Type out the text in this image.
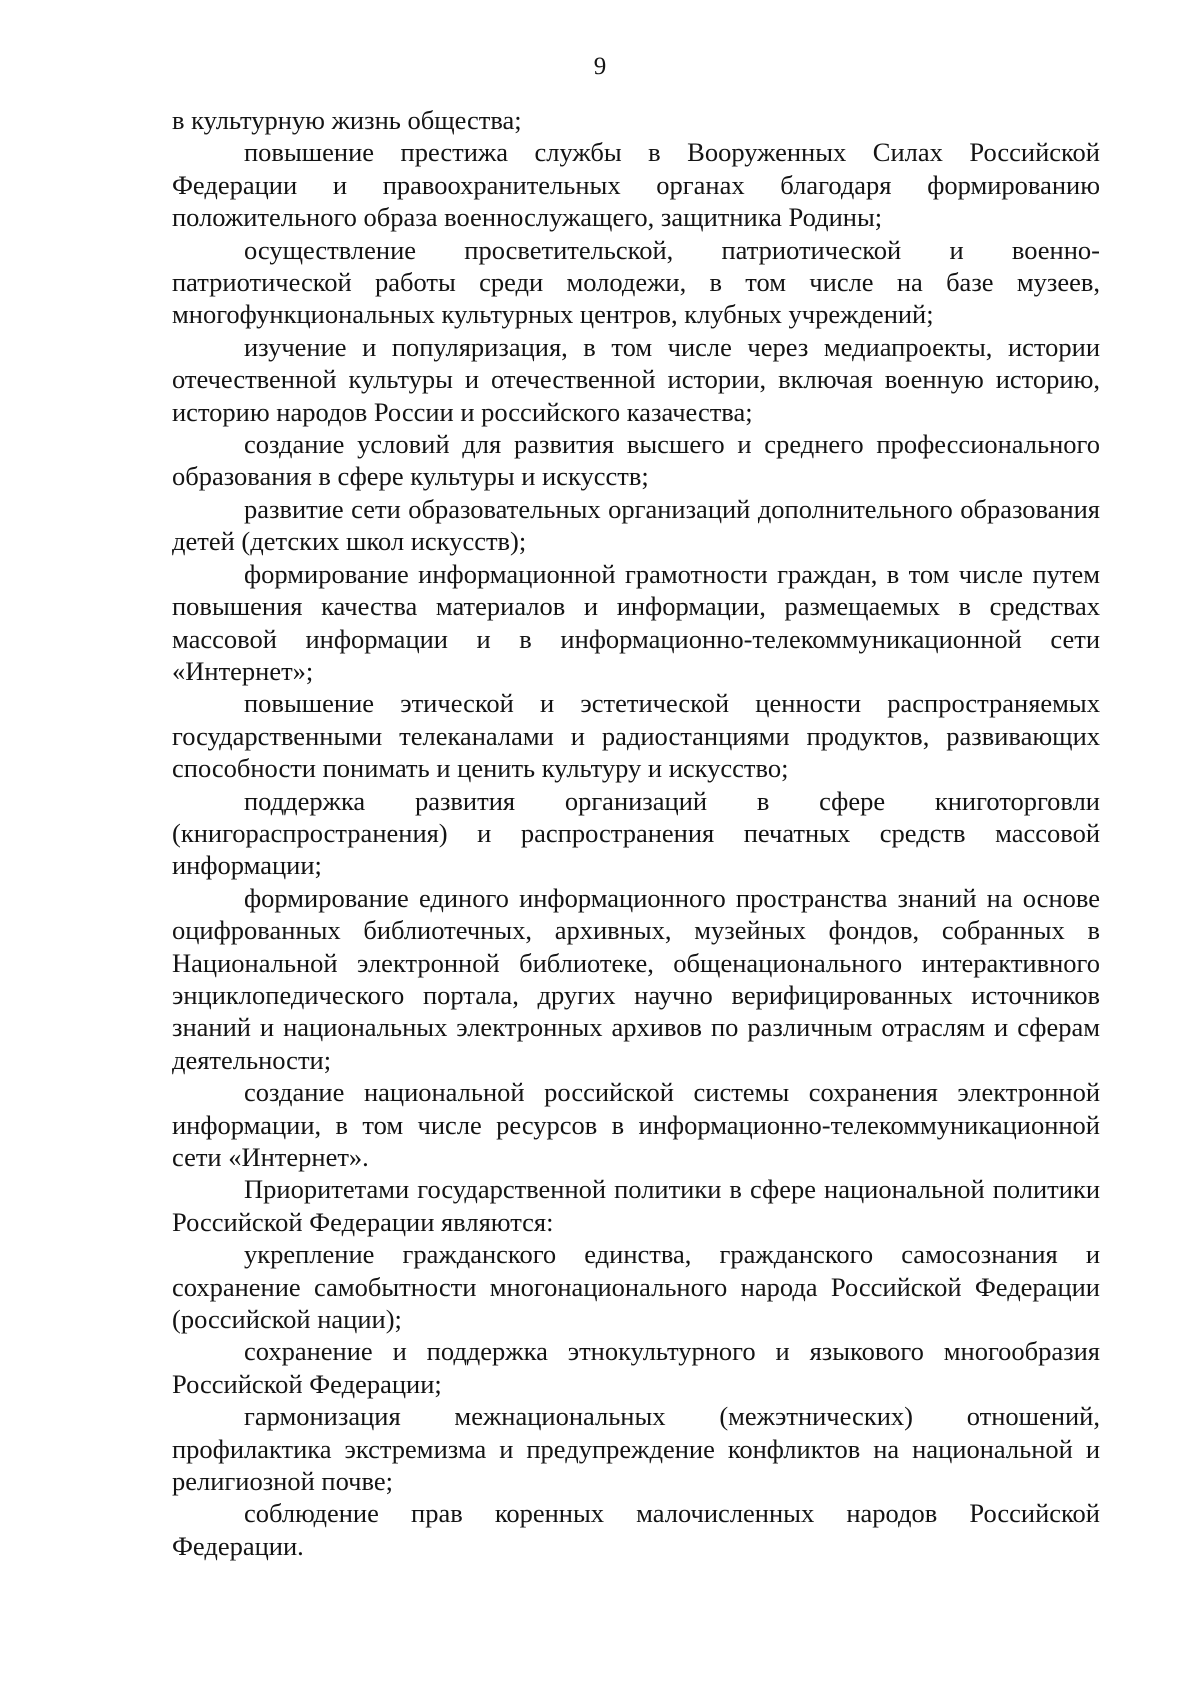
9

в культурную жизнь общества;

повышение престижа службы в Вооруженных Силах Российской Федерации и правоохранительных органах благодаря формированию положительного образа военнослужащего, защитника Родины;

осуществление просветительской, патриотической и военно-​патриотической работы среди молодежи, в том числе на базе музеев, многофункциональных культурных центров, клубных учреждений;

изучение и популяризация, в том числе через медиапроекты, истории отечественной культуры и отечественной истории, включая военную историю, историю народов России и российского казачества;

создание условий для развития высшего и среднего профессионального образования в сфере культуры и искусств;

развитие сети образовательных организаций дополнительного образования детей (детских школ искусств);

формирование информационной грамотности граждан, в том числе путем повышения качества материалов и информации, размещаемых в средствах массовой информации и в информационно-​телекоммуникационной сети «Интернет»;

повышение этической и эстетической ценности распространяемых государственными телеканалами и радиостанциями продуктов, развивающих способности понимать и ценить культуру и искусство;

поддержка развития организаций в сфере книготорговли (книгораспространения) и распространения печатных средств массовой информации;

формирование единого информационного пространства знаний на основе оцифрованных библиотечных, архивных, музейных фондов, собранных в Национальной электронной библиотеке, общенационального интерактивного энциклопедического портала, других научно верифицированных источников знаний и национальных электронных архивов по различным отраслям и сферам деятельности;

создание национальной российской системы сохранения электронной информации, в том числе ресурсов в информационно-​телекоммуникационной сети «Интернет».

Приоритетами государственной политики в сфере национальной политики Российской Федерации являются:

укрепление гражданского единства, гражданского самосознания и сохранение самобытности многонационального народа Российской Федерации (российской нации);

сохранение и поддержка этнокультурного и языкового многообразия Российской Федерации;

гармонизация межнациональных (межэтнических) отношений, профилактика экстремизма и предупреждение конфликтов на национальной и религиозной почве;

соблюдение прав коренных малочисленных народов Российской Федерации.
